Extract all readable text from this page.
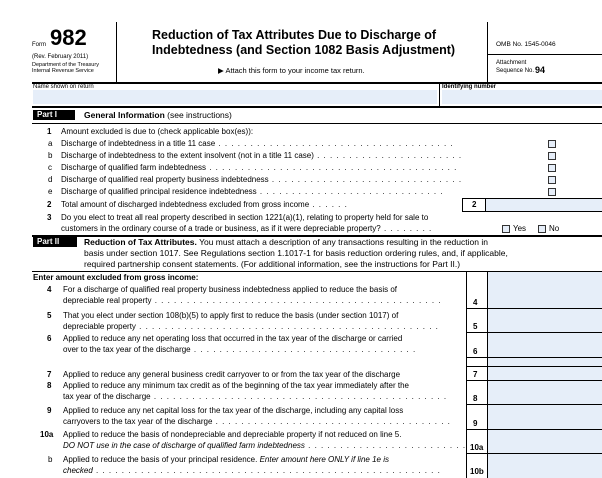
Form 982
(Rev. February 2011)
Department of the Treasury
Internal Revenue Service
Reduction of Tax Attributes Due to Discharge of
Indebtedness (and Section 1082 Basis Adjustment)
▶ Attach this form to your income tax return.
OMB No. 1545-0046
Attachment
Sequence No. 94
Name shown on return	Identifying number
Part I	General Information (see instructions)
1 Amount excluded is due to (check applicable box(es)):
a Discharge of indebtedness in a title 11 case . . . . . . . . . . . . . . . . . . . . . . . . . . . . . . . . . . . . .
b Discharge of indebtedness to the extent insolvent (not in a title 11 case) . . . . . . . . . . . . . . . . . . . . . . .
c Discharge of qualified farm indebtedness . . . . . . . . . . . . . . . . . . . . . . . . . . . . . . . . . . . . . . .
d Discharge of qualified real property business indebtedness . . . . . . . . . . . . . . . . . . . . . . . . . . . . . .
e Discharge of qualified principal residence indebtedness . . . . . . . . . . . . . . . . . . . . . . . . . . . . .
2 Total amount of discharged indebtedness excluded from gross income . . . . . .	2
3 Do you elect to treat all real property described in section 1221(a)(1), relating to property held for sale to
customers in the ordinary course of a trade or business, as if it were depreciable property? . . . . . . . .	Yes	No
Part II	Reduction of Tax Attributes. You must attach a description of any transactions resulting in the reduction in
basis under section 1017. See Regulations section 1.1017-1 for basis reduction ordering rules, and, if applicable,
required partnership consent statements. (For additional information, see the instructions for Part II.)
Enter amount excluded from gross income:
4 For a discharge of qualified real property business indebtedness applied to reduce the basis of
depreciable real property . . . . . . . . . . . . . . . . . . . . . . . . . . . . . . . . . . . . . . . . . . . . .	4
5 That you elect under section 108(b)(5) to apply first to reduce the basis (under section 1017) of
depreciable property . . . . . . . . . . . . . . . . . . . . . . . . . . . . . . . . . . . . . . . . . . . . . . .	5
6 Applied to reduce any net operating loss that occurred in the tax year of the discharge or carried
over to the tax year of the discharge . . . . . . . . . . . . . . . . . . . . . . . . . . . . . . . . . . .	6
7 Applied to reduce any general business credit carryover to or from the tax year of the discharge	7
8 Applied to reduce any minimum tax credit as of the beginning of the tax year immediately after the
tax year of the discharge . . . . . . . . . . . . . . . . . . . . . . . . . . . . . . . . . . . . . . . . . . . . . .	8
9 Applied to reduce any net capital loss for the tax year of the discharge, including any capital loss
carryovers to the tax year of the discharge . . . . . . . . . . . . . . . . . . . . . . . . . . . . . . . . . . . . .	9
10a Applied to reduce the basis of nondepreciable and depreciable property if not reduced on line 5.
DO NOT use in the case of discharge of qualified farm indebtedness . . . . . . . . . . . . . . . . . . . . . . . . . 10a
b Applied to reduce the basis of your principal residence. Enter amount here ONLY if line 1e is
checked . . . . . . . . . . . . . . . . . . . . . . . . . . . . . . . . . . . . . . . . . . . . . . . . . . . . . .	10b
